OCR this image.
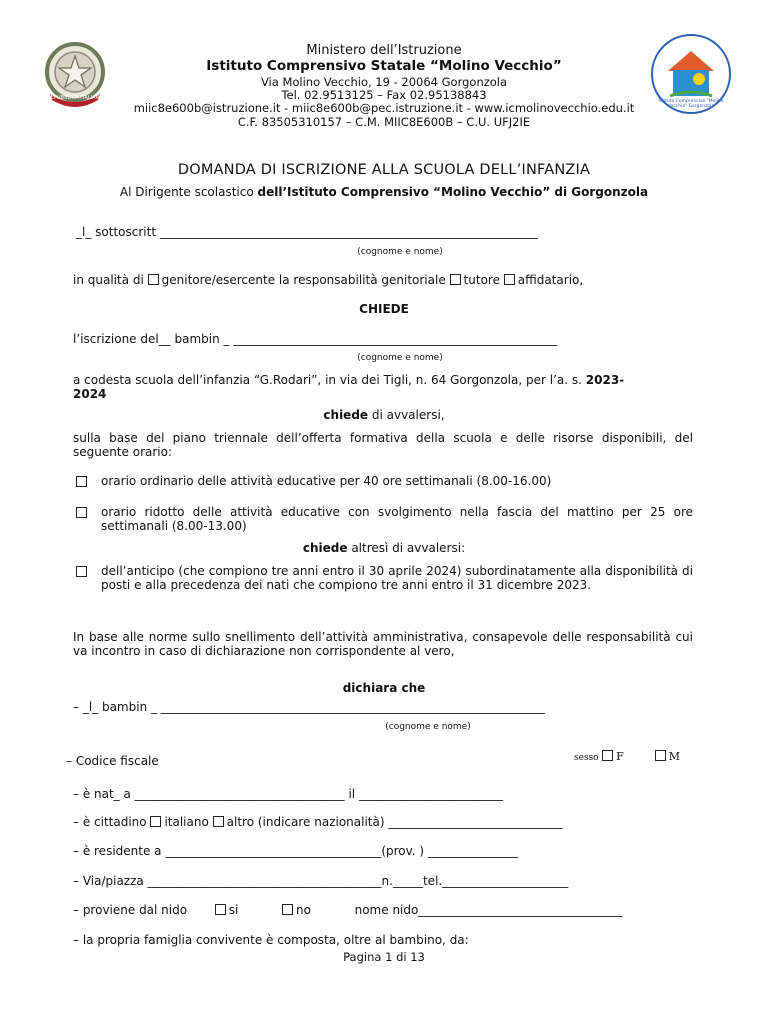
REPUBBLICA ITALIANA
Ministero dell’Istruzione
Istituto Comprensivo Statale “Molino Vecchio”
Via Molino Vecchio, 19 - 20064 Gorgonzola
Tel. 02.9513125 – Fax 02.95138843
miic8e600b@istruzione.it - miic8e600b@pec.istruzione.it - www.icmolinovecchio.edu.it
C.F. 83505310157 – C.M. MIIC8E600B – C.U. UFJ2IE
Istituto Comprensivo "Molino Vecchio" Gorgonzola
DOMANDA DI ISCRIZIONE ALLA SCUOLA DELL’INFANZIA
Al Dirigente scolastico dell’Istituto Comprensivo “Molino Vecchio” di Gorgonzola
_l_ sottoscritt _______________________________________________________________
(cognome e nome)
in qualità di genitore/esercente la responsabilità genitoriale tutore affidatario,
CHIEDE
l’iscrizione del__ bambin _ ______________________________________________________
(cognome e nome)
a codesta scuola dell’infanzia “G.Rodari”, in via dei Tigli, n. 64 Gorgonzola, per l’a. s. 2023-
2024
chiede di avvalersi,
sulla base del piano triennale dell’offerta formativa della scuola e delle risorse disponibili, del seguente orario:
orario ordinario delle attività educative per 40 ore settimanali (8.00-16.00)
orario ridotto delle attività educative con svolgimento nella fascia del mattino per 25 ore settimanali (8.00-13.00)
chiede altresì di avvalersi:
dell’anticipo (che compiono tre anni entro il 30 aprile 2024) subordinatamente alla disponibilità di posti e alla precedenza dei nati che compiono tre anni entro il 31 dicembre 2023.
In base alle norme sullo snellimento dell’attività amministrativa, consapevole delle responsabilità cui va incontro in caso di dichiarazione non corrispondente al vero,
dichiara che
– _l_ bambin _ ________________________________________________________________
(cognome e nome)
– Codice fiscale	sesso F	M
– è nat_ a ___________________________________ il ________________________
– è cittadino italiano altro (indicare nazionalità) _____________________________
– è residente a ____________________________________(prov. ) _______________
– Via/piazza _______________________________________n._____tel._____________________
– proviene dal nido	si	no	nome nido__________________________________
– la propria famiglia convivente è composta, oltre al bambino, da:
Pagina 1 di 13
